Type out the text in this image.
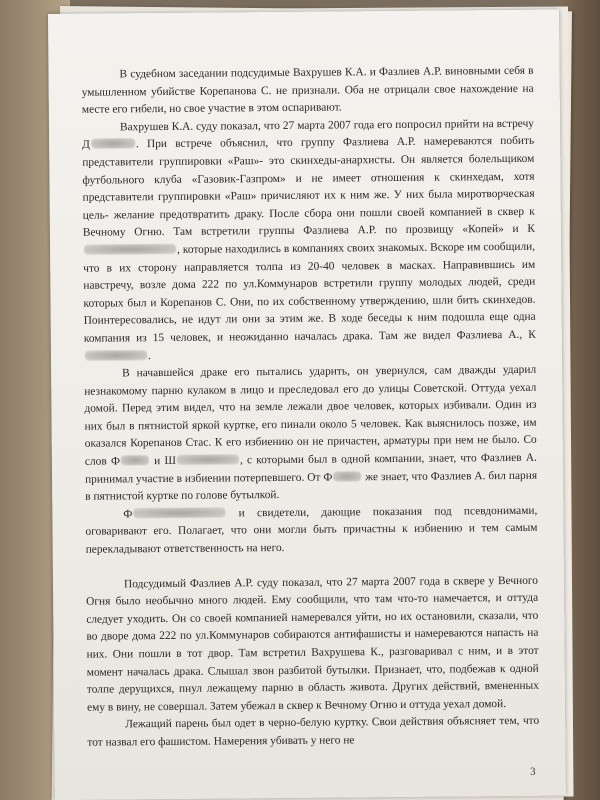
В судебном заседании подсудимые Вахрушев К.А. и Фазлиев А.Р. виновными себя в умышленном убийстве Корепанова С. не признали. Оба не отрицали свое нахождение на месте его гибели, но свое участие в этом оспаривают.

Вахрушев К.А. суду показал, что 27 марта 2007 года его попросил прийти на встречу Д	. При встрече объяснил, что группу Фазлиева А.Р. намереваются побить представители группировки «Раш»- это скинхеды-анархисты. Он является болельщиком футбольного клуба «Газовик-Газпром» и не имеет отношения к скинхедам, хотя представители группировки «Раш» причисляют их к ним же. У них была миротворческая цель- желание предотвратить драку. После сбора они пошли своей компанией в сквер к Вечному Огню. Там встретили группы Фазлиева А.Р. по прозвищу «Копей» и К, которые находились в компаниях своих знакомых. Вскоре им сообщили, что в их сторону направляется толпа из 20-40 человек в масках. Направившись им навстречу, возле дома 222 по ул.Коммунаров встретили группу молодых людей, среди которых был и Корепанов С. Они, по их собственному утверждению, шли бить скинхедов. Поинтересовались, не идут ли они за этим же. В ходе беседы к ним подошла еще одна компания из 15 человек, и неожиданно началась драка. Там же видел Фазлиева А., К.

В начавшейся драке его пытались ударить, он увернулся, сам дважды ударил незнакомому парню кулаком в лицо и преследовал его до улицы Советской. Оттуда уехал домой. Перед этим видел, что на земле лежали двое человек, которых избивали. Один из них был в пятнистой яркой куртке, его пинали около 5 человек. Как выяснилось позже, им оказался Корепанов Стас. К его избиению он не причастен, арматуры при нем не было. Со слов Ф	и Ш	, с которыми был в одной компании, знает, что Фазлиев А. принимал участие в избиении потерпевшего. От Ф	же знает, что Фазлиев А. бил парня в пятнистой куртке по голове бутылкой.

Ф	и свидетели, дающие показания под псевдонимами, оговаривают его. Полагает, что они могли быть причастны к избиению и тем самым перекладывают ответственность на него.

Подсудимый Фазлиев А.Р. суду показал, что 27 марта 2007 года в сквере у Вечного Огня было необычно много людей. Ему сообщили, что там что-то намечается, и оттуда следует уходить. Он со своей компанией намеревался уйти, но их остановили, сказали, что во дворе дома 222 по ул.Коммунаров собираются антифашисты и намереваются напасть на них. Они пошли в тот двор. Там встретил Вахрушева К., разговаривал с ним, и в этот момент началась драка. Слышал звон разбитой бутылки. Признает, что, подбежав к одной толпе дерущихся, пнул лежащему парню в область живота. Других действий, вмененных ему в вину, не совершал. Затем убежал в сквер к Вечному Огню и оттуда уехал домой.

Лежащий парень был одет в черно-белую куртку. Свои действия объясняет тем, что тот назвал его фашистом. Намерения убивать у него не

3
